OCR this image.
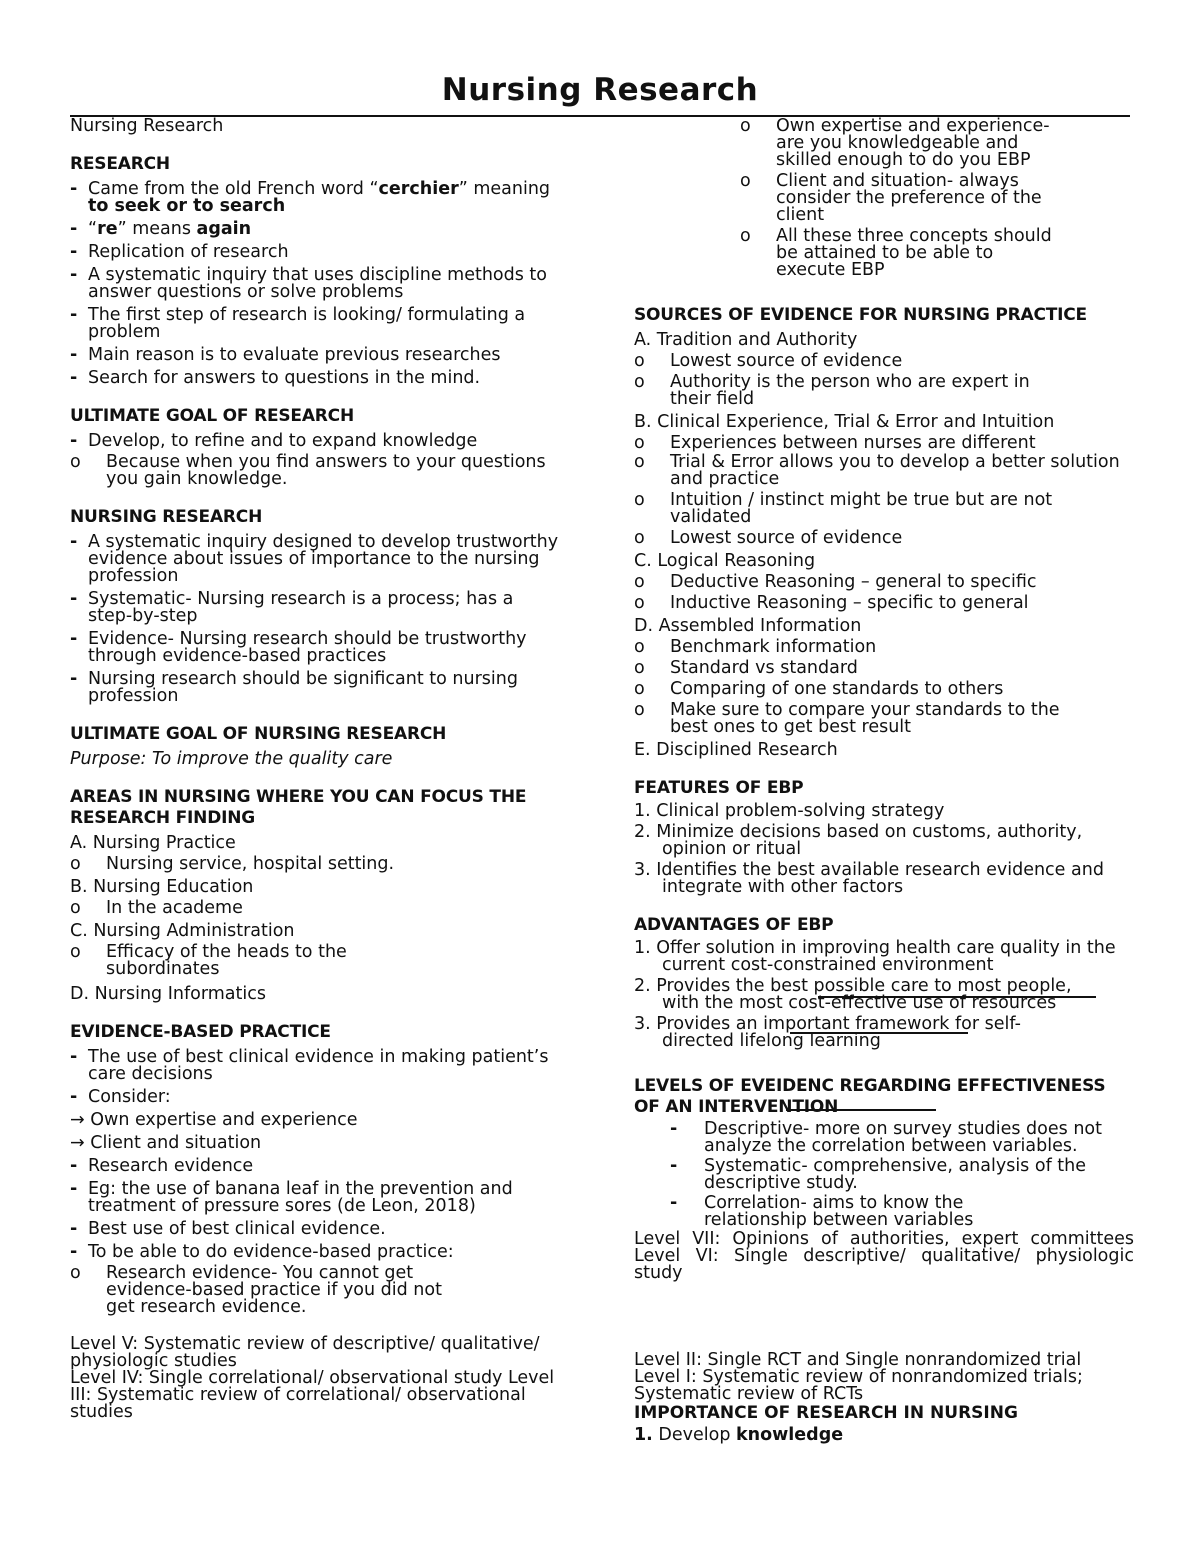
Nursing Research
Nursing Research
RESEARCH
- Came from the old French word “cerchier” meaning to seek or to search
- “re” means again
- Replication of research
- A systematic inquiry that uses discipline methods to answer questions or solve problems
- The first step of research is looking/ formulating a problem
- Main reason is to evaluate previous researches
- Search for answers to questions in the mind.
ULTIMATE GOAL OF RESEARCH
- Develop, to refine and to expand knowledge
o Because when you find answers to your questions you gain knowledge.
NURSING RESEARCH
- A systematic inquiry designed to develop trustworthy evidence about issues of importance to the nursing profession
- Systematic- Nursing research is a process; has a step-by-step
- Evidence- Nursing research should be trustworthy through evidence-based practices
- Nursing research should be significant to nursing profession
ULTIMATE GOAL OF NURSING RESEARCH
Purpose: To improve the quality care
AREAS IN NURSING WHERE YOU CAN FOCUS THE RESEARCH FINDING
A. Nursing Practice
o Nursing service, hospital setting.
B. Nursing Education
o In the academe
C. Nursing Administration
o Efficacy of the heads to the subordinates
D. Nursing Informatics
EVIDENCE-BASED PRACTICE
- The use of best clinical evidence in making patient’s care decisions
- Consider:
→ Own expertise and experience
→ Client and situation
- Research evidence
- Eg: the use of banana leaf in the prevention and treatment of pressure sores (de Leon, 2018)
- Best use of best clinical evidence.
- To be able to do evidence-based practice:
o Research evidence- You cannot get evidence-based practice if you did not get research evidence.
Level V: Systematic review of descriptive/ qualitative/ physiologic studies
Level IV: Single correlational/ observational study Level III: Systematic review of correlational/ observational studies
o Own expertise and experience- are you knowledgeable and skilled enough to do you EBP
o Client and situation- always consider the preference of the client
o All these three concepts should be attained to be able to execute EBP
SOURCES OF EVIDENCE FOR NURSING PRACTICE
A. Tradition and Authority
o Lowest source of evidence
o Authority is the person who are expert in their field
B. Clinical Experience, Trial & Error and Intuition
o Experiences between nurses are different
o Trial & Error allows you to develop a better solution and practice
o Intuition / instinct might be true but are not validated
o Lowest source of evidence
C. Logical Reasoning
o Deductive Reasoning – general to specific
o Inductive Reasoning – specific to general
D. Assembled Information
o Benchmark information
o Standard vs standard
o Comparing of one standards to others
o Make sure to compare your standards to the best ones to get best result
E. Disciplined Research
FEATURES OF EBP
1. Clinical problem-solving strategy
2. Minimize decisions based on customs, authority, opinion or ritual
3. Identifies the best available research evidence and integrate with other factors
ADVANTAGES OF EBP
1. Offer solution in improving health care quality in the current cost-constrained environment
2. Provides the best possible care to most people, with the most cost-effective use of resources
3. Provides an important framework for self-directed lifelong learning
LEVELS OF EVEIDENC REGARDING EFFECTIVENESS OF AN INTERVENTION
- Descriptive- more on survey studies does not analyze the correlation between variables.
- Systematic- comprehensive, analysis of the descriptive study.
- Correlation- aims to know the relationship between variables
Level VII: Opinions of authorities, expert committees Level VI: Single descriptive/ qualitative/ physiologic study
Level II: Single RCT and Single nonrandomized trial
Level I: Systematic review of nonrandomized trials; Systematic review of RCTs
IMPORTANCE OF RESEARCH IN NURSING
1. Develop knowledge
